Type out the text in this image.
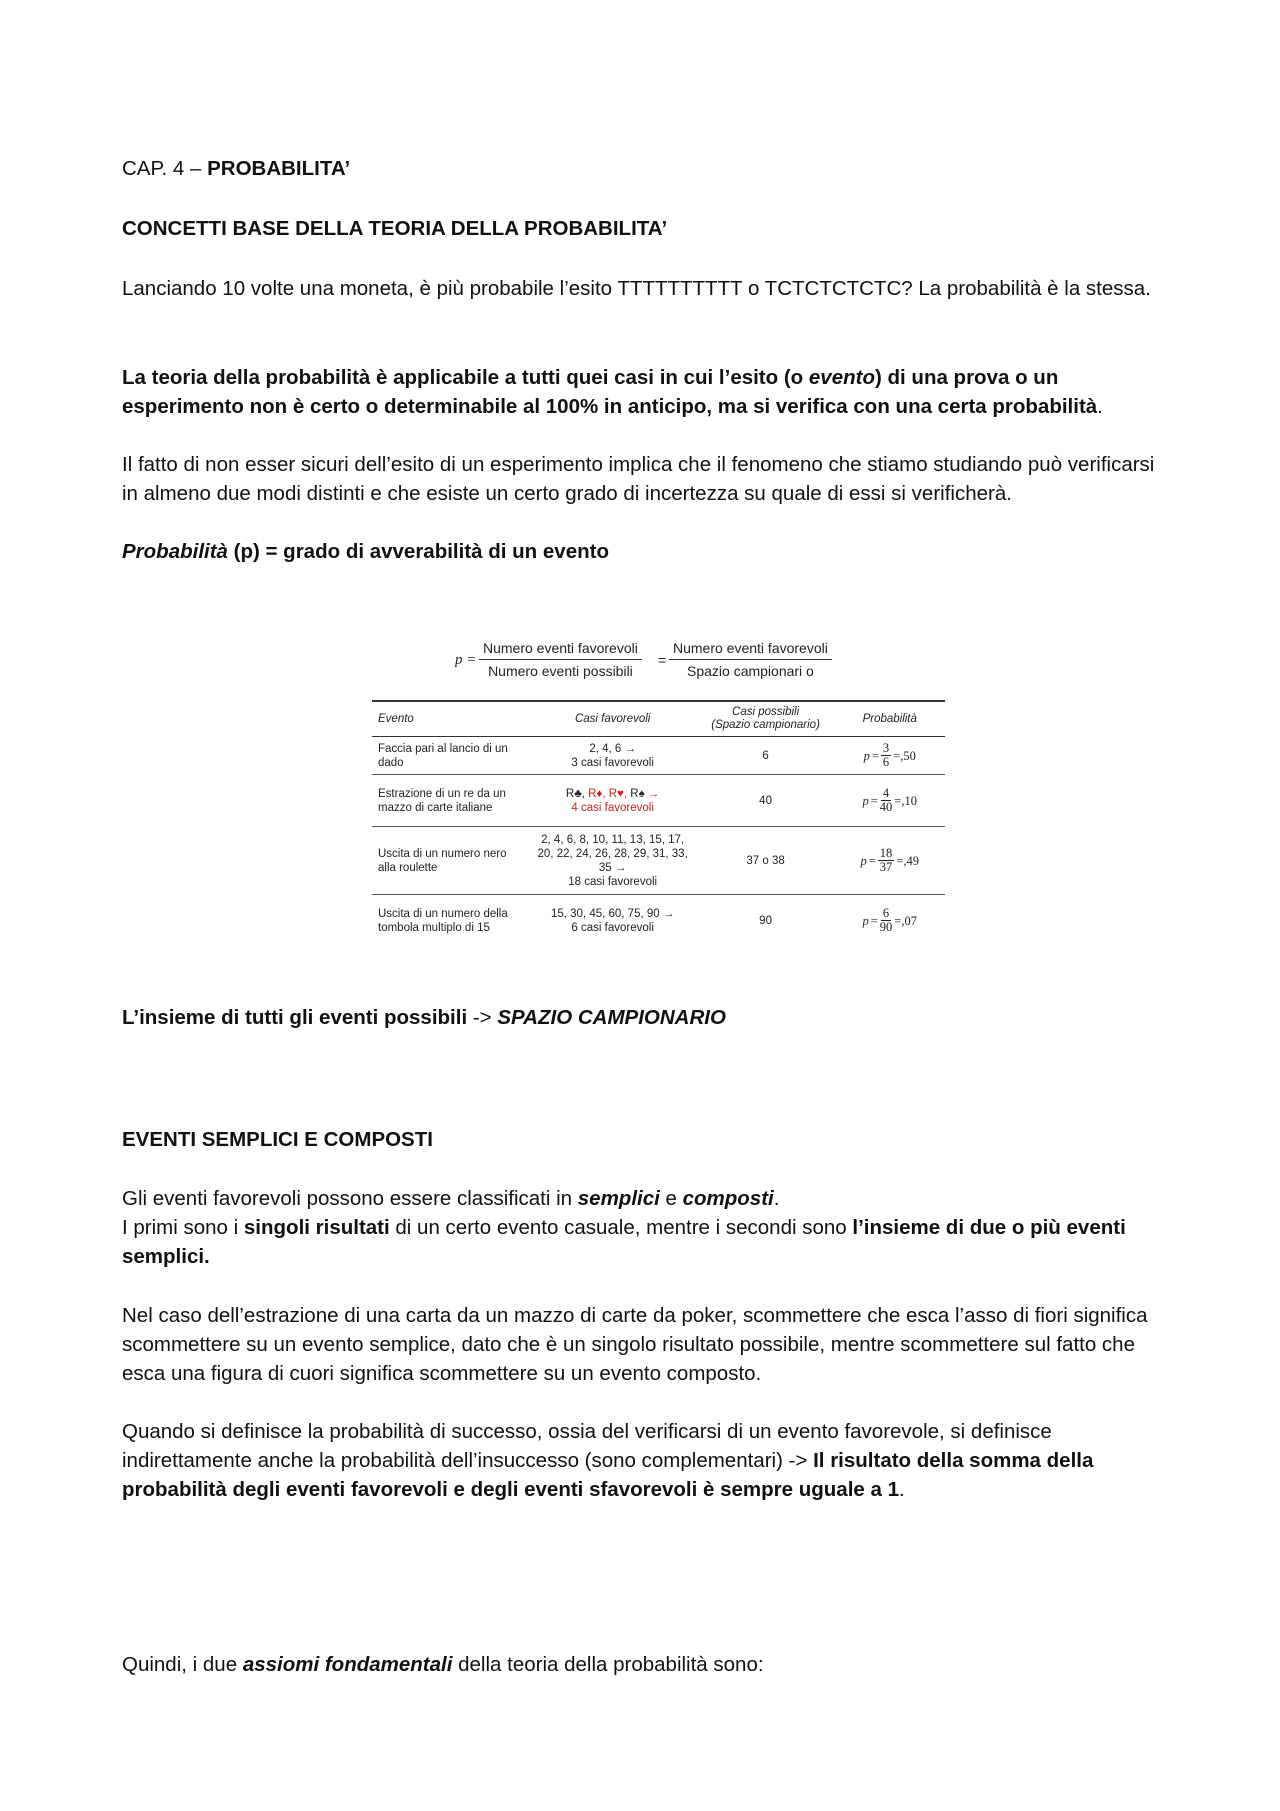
CAP. 4 – PROBABILITA’

CONCETTI BASE DELLA TEORIA DELLA PROBABILITA’

Lanciando 10 volte una moneta, è più probabile l’esito TTTTTTTTTT o TCTCTCTCTC? La probabilità è la stessa.

La teoria della probabilità è applicabile a tutti quei casi in cui l’esito (o evento) di una prova o un esperimento non è certo o determinabile al 100% in anticipo, ma si verifica con una certa probabilità.

Il fatto di non esser sicuri dell’esito di un esperimento implica che il fenomeno che stiamo studiando può verificarsi in almeno due modi distinti e che esiste un certo grado di incertezza su quale di essi si verificherà.

Probabilità (p) = grado di avverabilità di un evento

p =
Numero eventi favorevoli
Numero eventi possibili
=
Numero eventi favorevoli
Spazio campionari o
Evento	Casi favorevoli	Casi possibili
(Spazio campionario)	Probabilità
Faccia pari al lancio di un dado	2, 4, 6 →
3 casi favorevoli	6	$p = \frac{3}{6} =,50$

Estrazione di un re da un mazzo di carte italiane	R♣, R♦, R♥, R♠ →
4 casi favorevoli	40	$p = \frac{4}{40} =,10$

Uscita di un numero nero alla roulette	2, 4, 6, 8, 10, 11, 13, 15, 17, 20, 22, 24, 26, 28, 29, 31, 33, 35 →
18 casi favorevoli	37 o 38	$p = \frac{18}{37} =,49$

Uscita di un numero della tombola multiplo di 15	15, 30, 45, 60, 75, 90 →
6 casi favorevoli	90	$p = \frac{6}{90} =,07$

L’insieme di tutti gli eventi possibili -> SPAZIO CAMPIONARIO

EVENTI SEMPLICI E COMPOSTI

Gli eventi favorevoli possono essere classificati in semplici e composti.
I primi sono i singoli risultati di un certo evento casuale, mentre i secondi sono l’insieme di due o più eventi semplici.

Nel caso dell’estrazione di una carta da un mazzo di carte da poker, scommettere che esca l’asso di fiori significa scommettere su un evento semplice, dato che è un singolo risultato possibile, mentre scommettere sul fatto che esca una figura di cuori significa scommettere su un evento composto.

Quando si definisce la probabilità di successo, ossia del verificarsi di un evento favorevole, si definisce indirettamente anche la probabilità dell’insuccesso (sono complementari) -> Il risultato della somma della probabilità degli eventi favorevoli e degli eventi sfavorevoli è sempre uguale a 1.

Quindi, i due assiomi fondamentali della teoria della probabilità sono:
